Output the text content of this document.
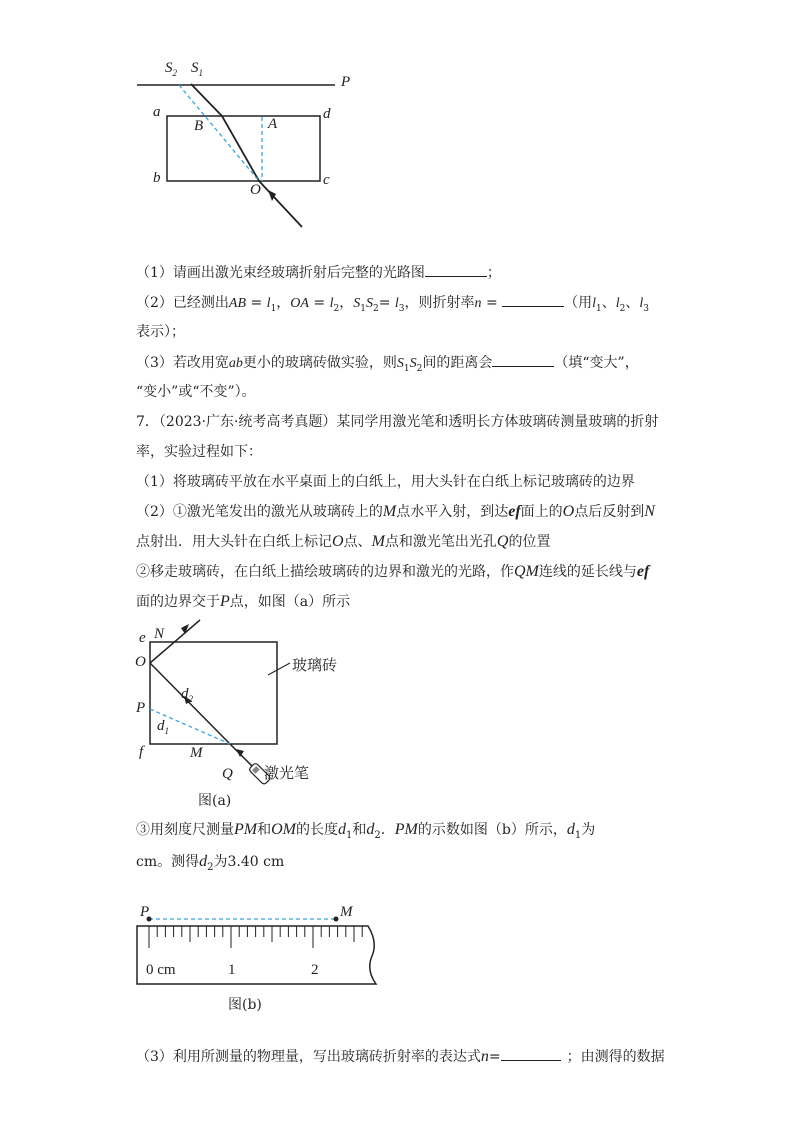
$S_2$ $S_1$
P
a
B	A
d
b
O
c
（1）请画出激光束经玻璃折射后完整的光路图	；
（2）已经测出AB = $l_1$，OA = $l_2$，$S_1S_2= l_3$，则折射率n =	（用$l_1$、$l_2$、$l_3$
表示）；
（3）若改用宽ab更小的玻璃砖做实验，则$S_1S_2$间的距离会	（填“变大”，
“变小”或“不变”）。
7．（2023·广东·统考高考真题）某同学用激光笔和透明长方体玻璃砖测量玻璃的折射
率，实验过程如下：
（1）将玻璃砖平放在水平桌面上的白纸上，用大头针在白纸上标记玻璃砖的边界
（2）①激光笔发出的激光从玻璃砖上的M点水平入射，到达ef面上的O点后反射到N
点射出．用大头针在白纸上标记O点、M点和激光笔出光孔Q的位置
②移走玻璃砖，在白纸上描绘玻璃砖的边界和激光的光路，作QM连线的延长线与ef
面的边界交于P点，如图（a）所示
e N
O
$d_2$
P
$d_1$
f	M
Q
玻璃砖
激光笔
图(a)
③用刻度尺测量PM和OM的长度$d_1$和$d_2$．PM的示数如图（b）所示，$d_1$为
cm。测得$d_2$为3.40 cm
P	M
0 cm	1	2
图(b)
（3）利用所测量的物理量，写出玻璃砖折射率的表达式n=	；由测得的数据
